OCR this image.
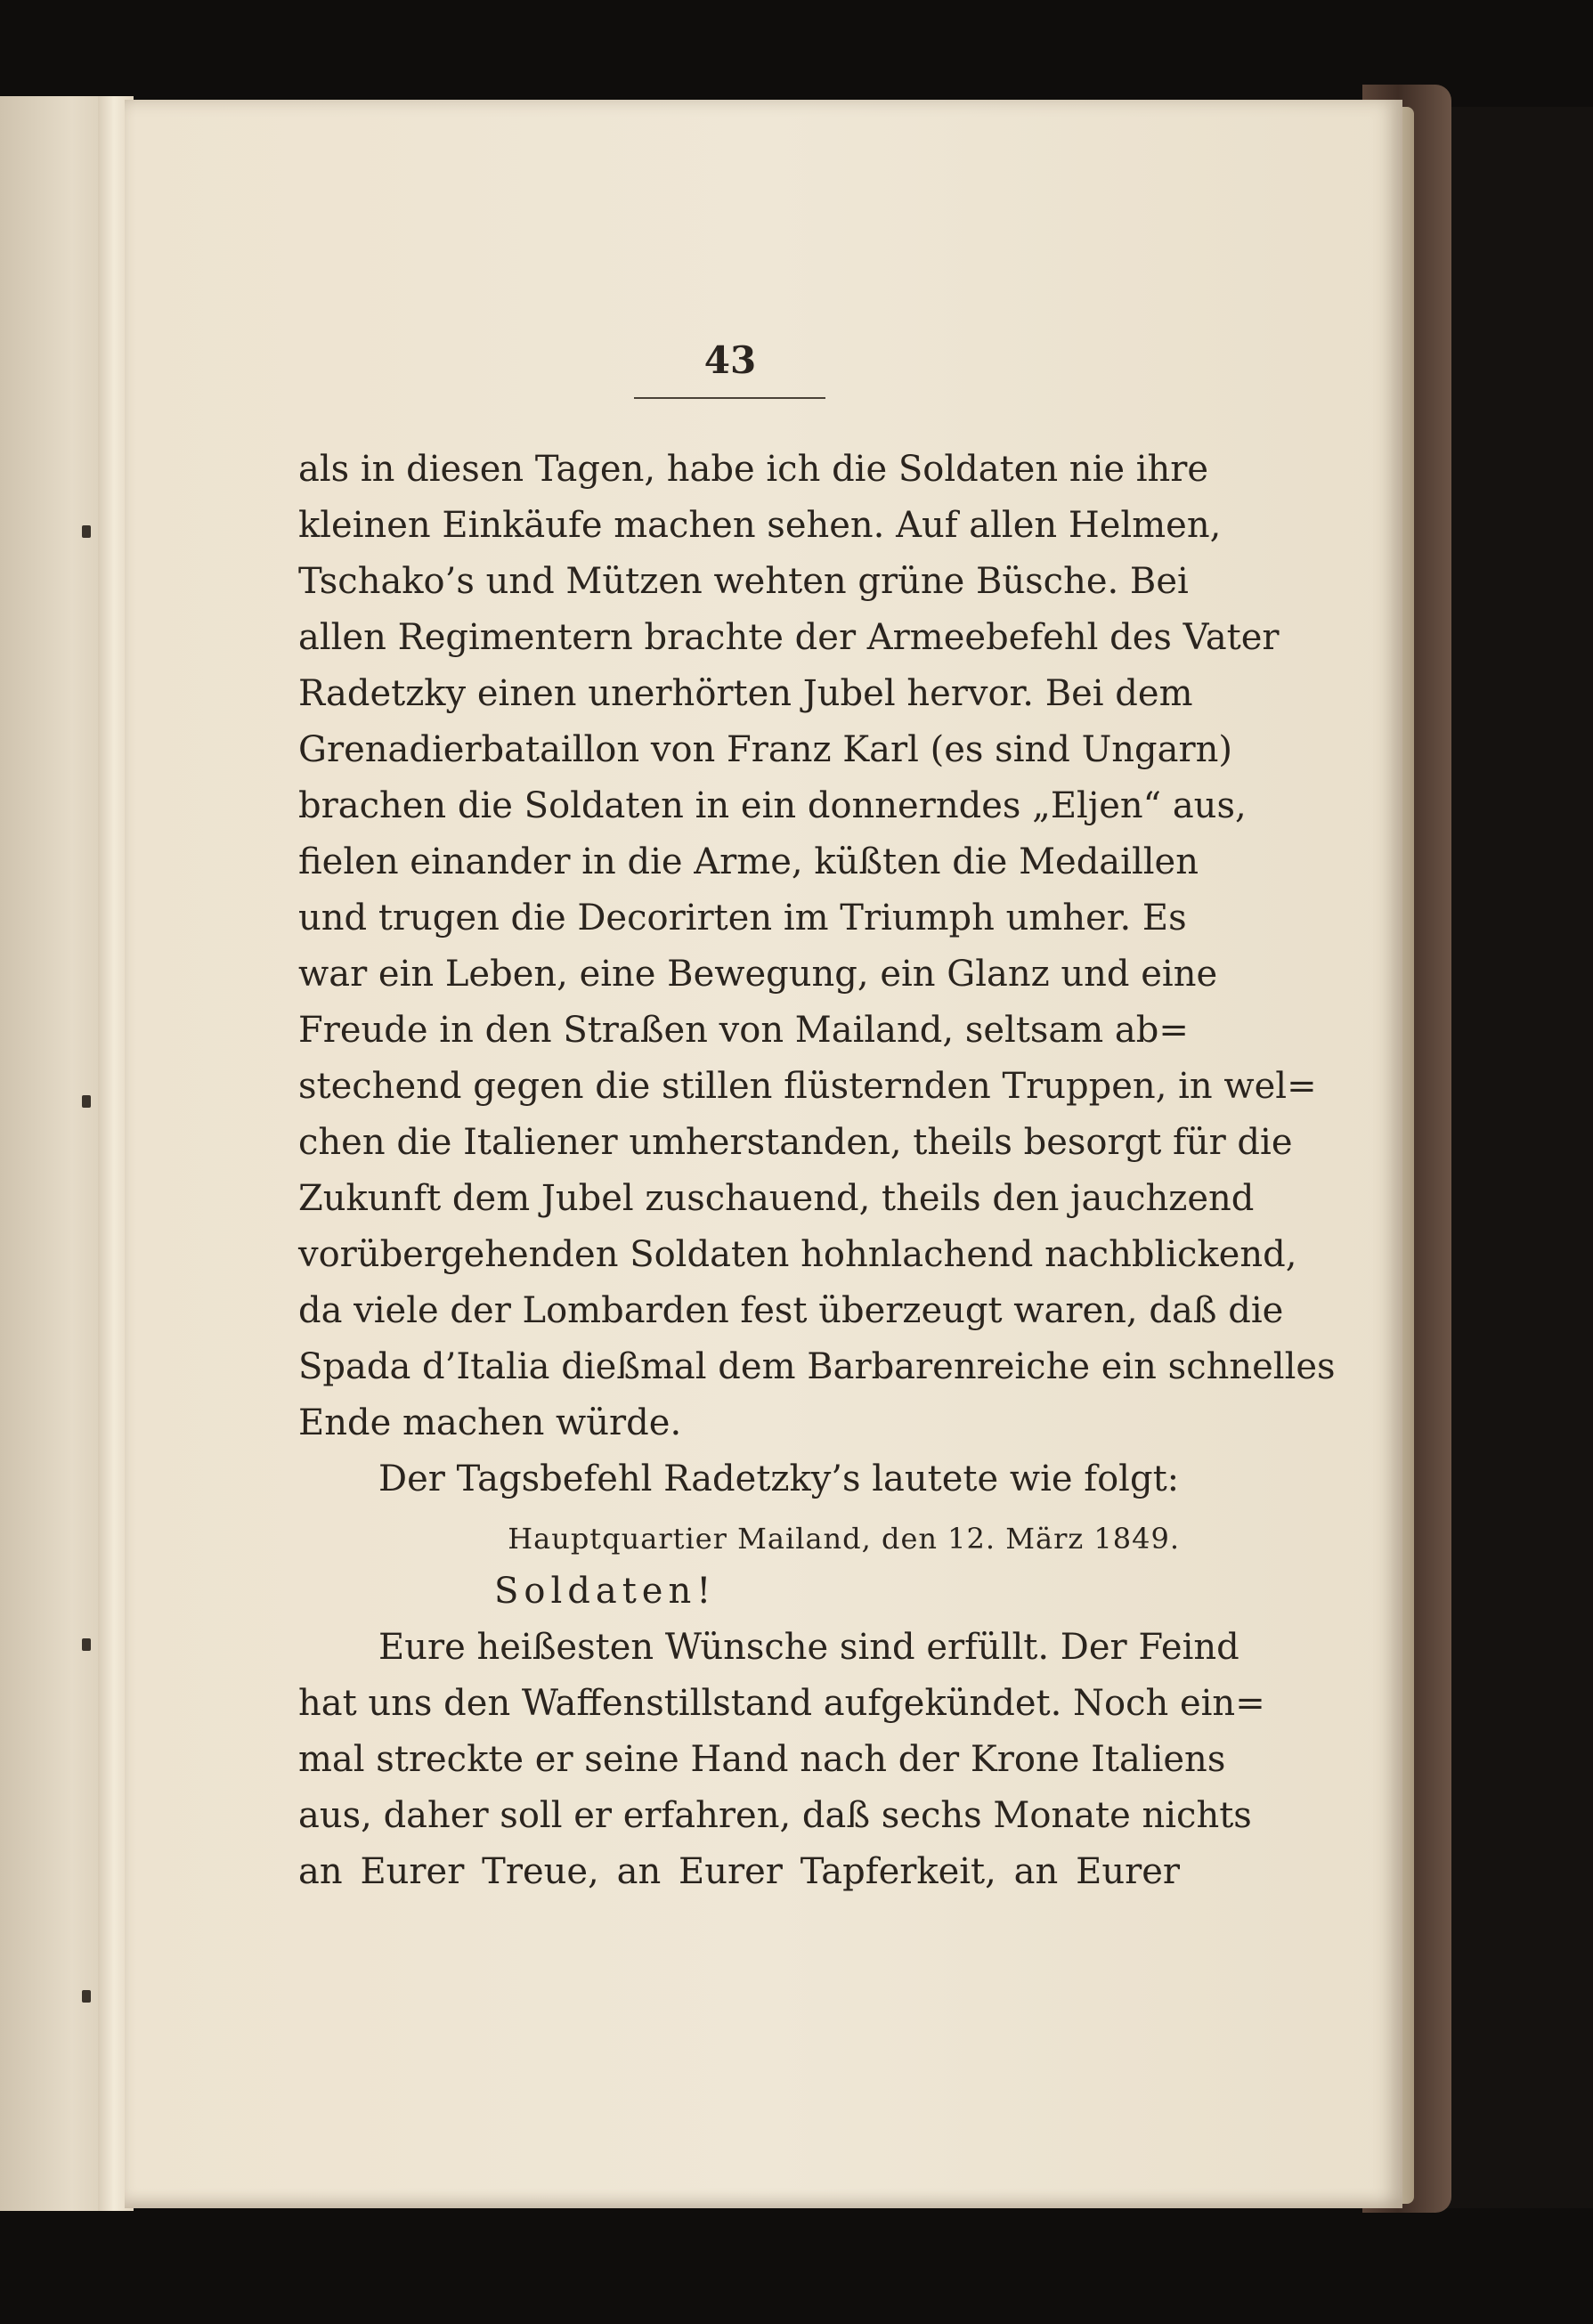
43
als in diesen Tagen, habe ich die Soldaten nie ihre
kleinen Einkäufe machen sehen. Auf allen Helmen,
Tschako’s und Mützen wehten grüne Büsche. Bei
allen Regimentern brachte der Armeebefehl des Vater
Radetzky einen unerhörten Jubel hervor. Bei dem
Grenadierbataillon von Franz Karl (es sind Ungarn)
brachen die Soldaten in ein donnerndes „Eljen“ aus,
fielen einander in die Arme, küßten die Medaillen
und trugen die Decorirten im Triumph umher. Es
war ein Leben, eine Bewegung, ein Glanz und eine
Freude in den Straßen von Mailand, seltsam ab=
stechend gegen die stillen flüsternden Truppen, in wel=
chen die Italiener umherstanden, theils besorgt für die
Zukunft dem Jubel zuschauend, theils den jauchzend
vorübergehenden Soldaten hohnlachend nachblickend,
da viele der Lombarden fest überzeugt waren, daß die
Spada d’Italia dießmal dem Barbarenreiche ein schnelles
Ende machen würde.
Der Tagsbefehl Radetzky’s lautete wie folgt:
Hauptquartier Mailand, den 12. März 1849.
Soldaten!
Eure heißesten Wünsche sind erfüllt. Der Feind
hat uns den Waffenstillstand aufgekündet. Noch ein=
mal streckte er seine Hand nach der Krone Italiens
aus, daher soll er erfahren, daß sechs Monate nichts
an Eurer Treue, an Eurer Tapferkeit, an Eurer
